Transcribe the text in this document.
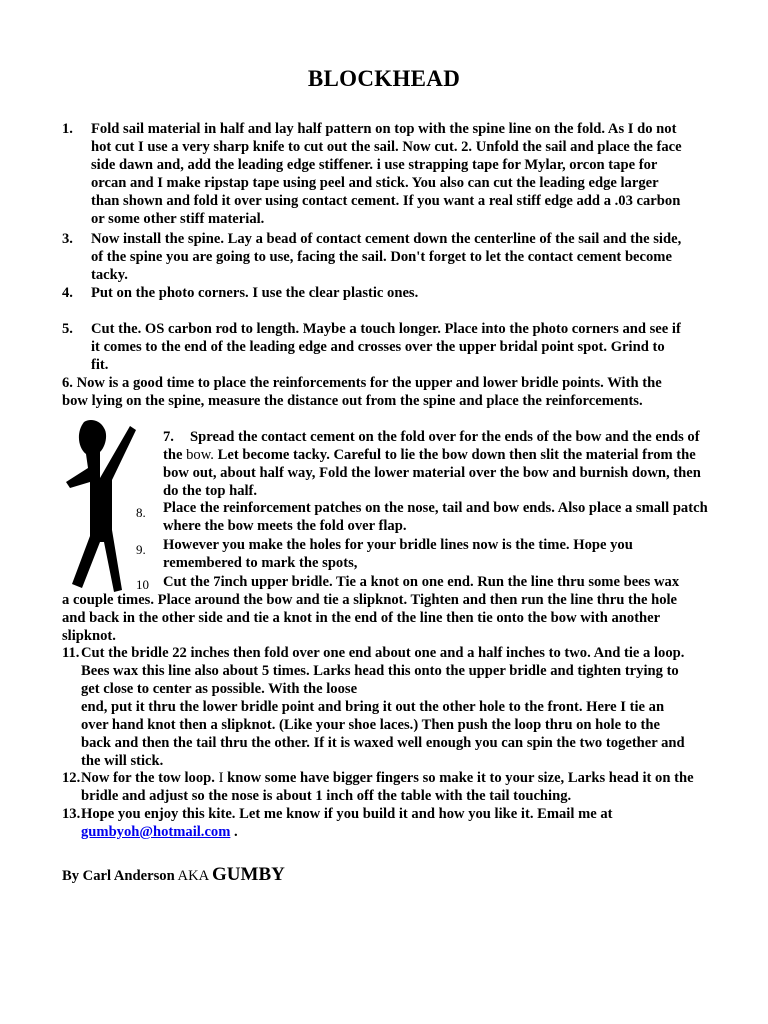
BLOCKHEAD
1. Fold sail material in half and lay half pattern on top with the spine line on the fold. As I do not hot cut I use a very sharp knife to cut out the sail. Now cut. 2. Unfold the sail and place the face side dawn and, add the leading edge stiffener. i use strapping tape for Mylar, orcon tape for orcan and I make ripstap tape using peel and stick. You also can cut the leading edge larger than shown and fold it over using contact cement. If you want a real stiff edge add a .03 carbon or some other stiff material.

3. Now install the spine. Lay a bead of contact cement down the centerline of the sail and the side, of the spine you are going to use, facing the sail. Don't forget to let the contact cement become tacky.

4. Put on the photo corners. I use the clear plastic ones.

5. Cut the. OS carbon rod to length. Maybe a touch longer. Place into the photo corners and see if it comes to the end of the leading edge and crosses over the upper bridal point spot. Grind to fit.

6. Now is a good time to place the reinforcements for the upper and lower bridle points. With the bow lying on the spine, measure the distance out from the spine and place the reinforcements.

7.	Spread the contact cement on the fold over for the ends of the bow and the ends of the bow. Let become tacky. Careful to lie the bow down then slit the material from the bow out, about half way, Fold the lower material over the bow and burnish down, then do the top half.

8. Place the reinforcement patches on the nose, tail and bow ends. Also place a small patch where the bow meets the fold over flap.

9. However you make the holes for your bridle lines now is the time. Hope you remembered to mark the spots,

10 Cut the 7inch upper bridle. Tie a knot on one end. Run the line thru some bees wax a couple times. Place around the bow and tie a slipknot. Tighten and then run the line thru the hole and back in the other side and tie a knot in the end of the line then tie onto the bow with another slipknot.

11. Cut the bridle 22 inches then fold over one end about one and a half inches to two. And tie a loop. Bees wax this line also about 5 times. Larks head this onto the upper bridle and tighten trying to get close to center as possible. With the loose

end, put it thru the lower bridle point and bring it out the other hole to the front. Here I tie an over hand knot then a slipknot. (Like your shoe laces.) Then push the loop thru on hole to the back and then the tail thru the other. If it is waxed well enough you can spin the two together and the will stick.

12. Now for the tow loop. I know some have bigger fingers so make it to your size, Larks head it on the bridle and adjust so the nose is about 1 inch off the table with the tail touching.

13. Hope you enjoy this kite. Let me know if you build it and how you like it. Email me at
gumbyoh@hotmail.com .

By Carl Anderson AKA GUMBY
